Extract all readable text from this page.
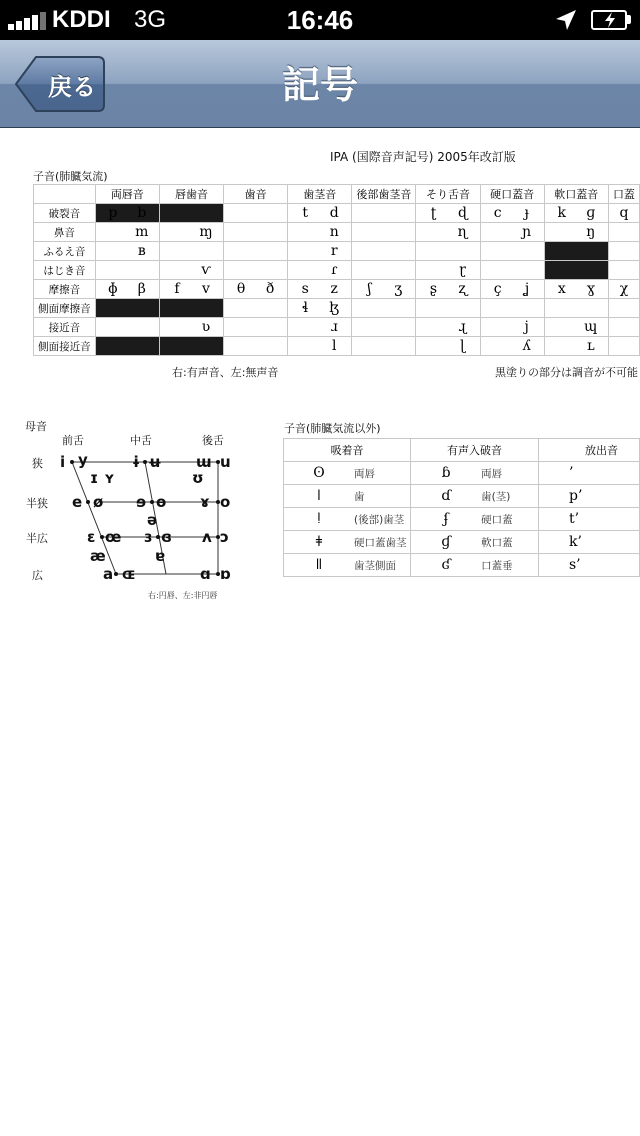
KDDI 3G	16:46
戻る	記号
IPA (国際音声記号) 2005年改訂版
子音(肺臓気流)
	両唇音	唇歯音	歯音	歯茎音	後部歯茎音	そり舌音	硬口蓋音	軟口蓋音	口蓋
破裂音	p b			t d		ʈ ɖ	c ɟ	k ɡ	q
鼻音	m	ɱ		n		ɳ	ɲ	ŋ	
ふるえ音	ʙ			r					
はじき音		ⱱ		ɾ		ɽ			
摩擦音	ɸ β	f v	θ ð	s z	ʃ ʒ	ʂ ʐ	ç ʝ	x ɣ	χ
側面摩擦音				ɬ ɮ					
接近音		ʋ		ɹ		ɻ	j	ɰ	
側面接近音				l		ɭ	ʎ	ʟ	
右:有声音、左:無声音	黒塗りの部分は調音が不可能
母音
前舌	中舌	後舌
狭
半狭
半広
広
i y	ɨ ʉ ɯ u
ɪ ʏ	ʊ
e ø ɘ ɵ ɤ o
ə
ɛ œ ɜ ɞ ʌ ɔ
æ	ɐ
a ɶ	ɑ ɒ
右:円唇、左:非円唇
子音(肺臓気流以外)
吸着音	有声入破音	放出音
ʘ 両唇	ɓ 両唇	’
ǀ 歯	ɗ 歯(茎)	p’
ǃ (後部)歯茎	ʄ 硬口蓋	t’
ǂ 硬口蓋歯茎	ɠ 軟口蓋	k’
ǁ 歯茎側面	ʛ 口蓋垂	s’
